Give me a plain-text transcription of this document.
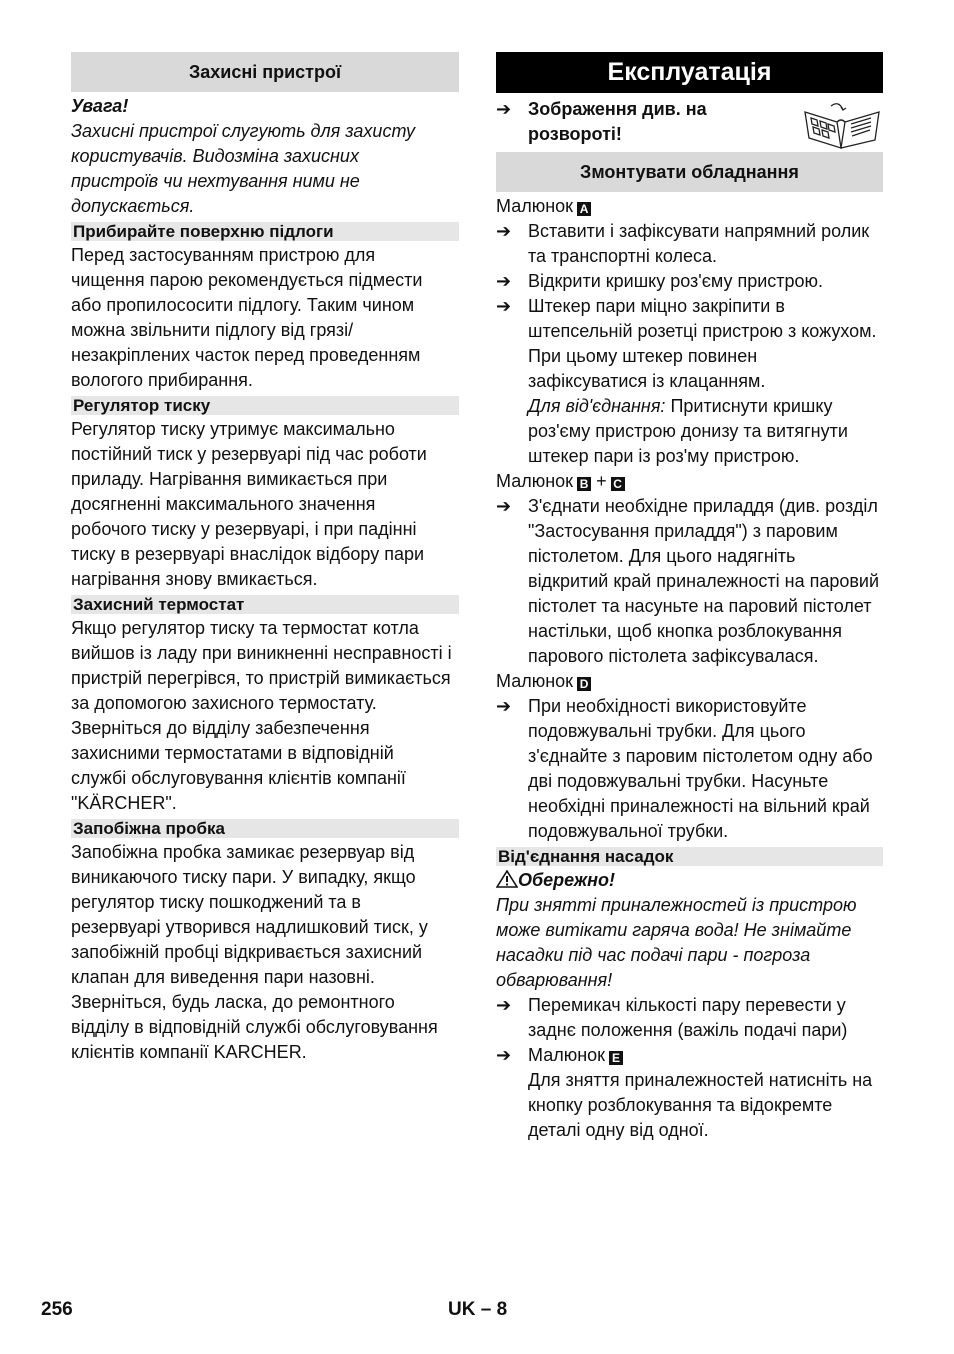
Захисні пристрої

Увага!

Захисні пристрої слугують для захисту

користувачів. Видозміна захисних

пристроїв чи нехтування ними не

допускається.

Прибирайте поверхню підлоги

Перед застосуванням пристрою для

чищення парою рекомендується підмести

або пропилососити підлогу. Таким чином

можна звільнити підлогу від грязі/

незакріплених часток перед проведенням

вологого прибирання.

Регулятор тиску

Регулятор тиску утримує максимально

постійний тиск у резервуарі під час роботи

приладу. Нагрівання вимикається при

досягненні максимального значення

робочого тиску у резервуарі, і при падінні

тиску в резервуарі внаслідок відбору пари

нагрівання знову вмикається.

Захисний термостат

Якщо регулятор тиску та термостат котла

вийшов із ладу при виникненні несправності і

пристрій перегрівся, то пристрій вимикається

за допомогою захисного термостату.

Зверніться до відділу забезпечення

захисними термостатами в відповідній

службі обслуговування клієнтів компанії

"KÄRCHER".

Запобіжна пробка

Запобіжна пробка замикає резервуар від

виникаючого тиску пари. У випадку, якщо

регулятор тиску пошкоджений та в

резервуарі утворився надлишковий тиск, у

запобіжній пробці відкривається захисний

клапан для виведення пари назовні.

Зверніться, будь ласка, до ремонтного

відділу в відповідній службі обслуговування

клієнтів компанії KARCHER.

Експлуатація
➔ Зображення див. на

розвороті!

Змонтувати обладнання

Малюнок A

➔ Вставити і зафіксувати напрямний ролик

та транспортні колеса.

➔ Відкрити кришку роз'єму пристрою.

➔ Штекер пари міцно закріпити в

штепсельній розетці пристрою з кожухом.

При цьому штекер повинен

зафіксуватися із клацанням.

Для від'єднання: Притиснути кришку

роз'єму пристрою донизу та витягнути

штекер пари із роз'му пристрою.

Малюнок B + C

➔ З'єднати необхідне приладдя (див. розділ

"Застосування приладдя") з паровим

пістолетом. Для цього надягніть

відкритий край приналежності на паровий

пістолет та насуньте на паровий пістолет

настільки, щоб кнопка розблокування

парового пістолета зафіксувалася.

Малюнок D

➔ При необхідності використовуйте

подовжувальні трубки. Для цього

з'єднайте з паровим пістолетом одну або

дві подовжувальні трубки. Насуньте

необхідні приналежності на вільний край

подовжувальної трубки.

Від'єднання насадок

Обережно!

При знятті приналежностей із пристрою

може витікати гаряча вода! Не знімайте

насадки під час подачі пари - погроза

обварювання!

➔ Перемикач кількості пару перевести у

заднє положення (важіль подачі пари)

➔ Малюнок E

Для зняття приналежностей натисніть на

кнопку розблокування та відокремте

деталі одну від одної.

256	UK – 8
